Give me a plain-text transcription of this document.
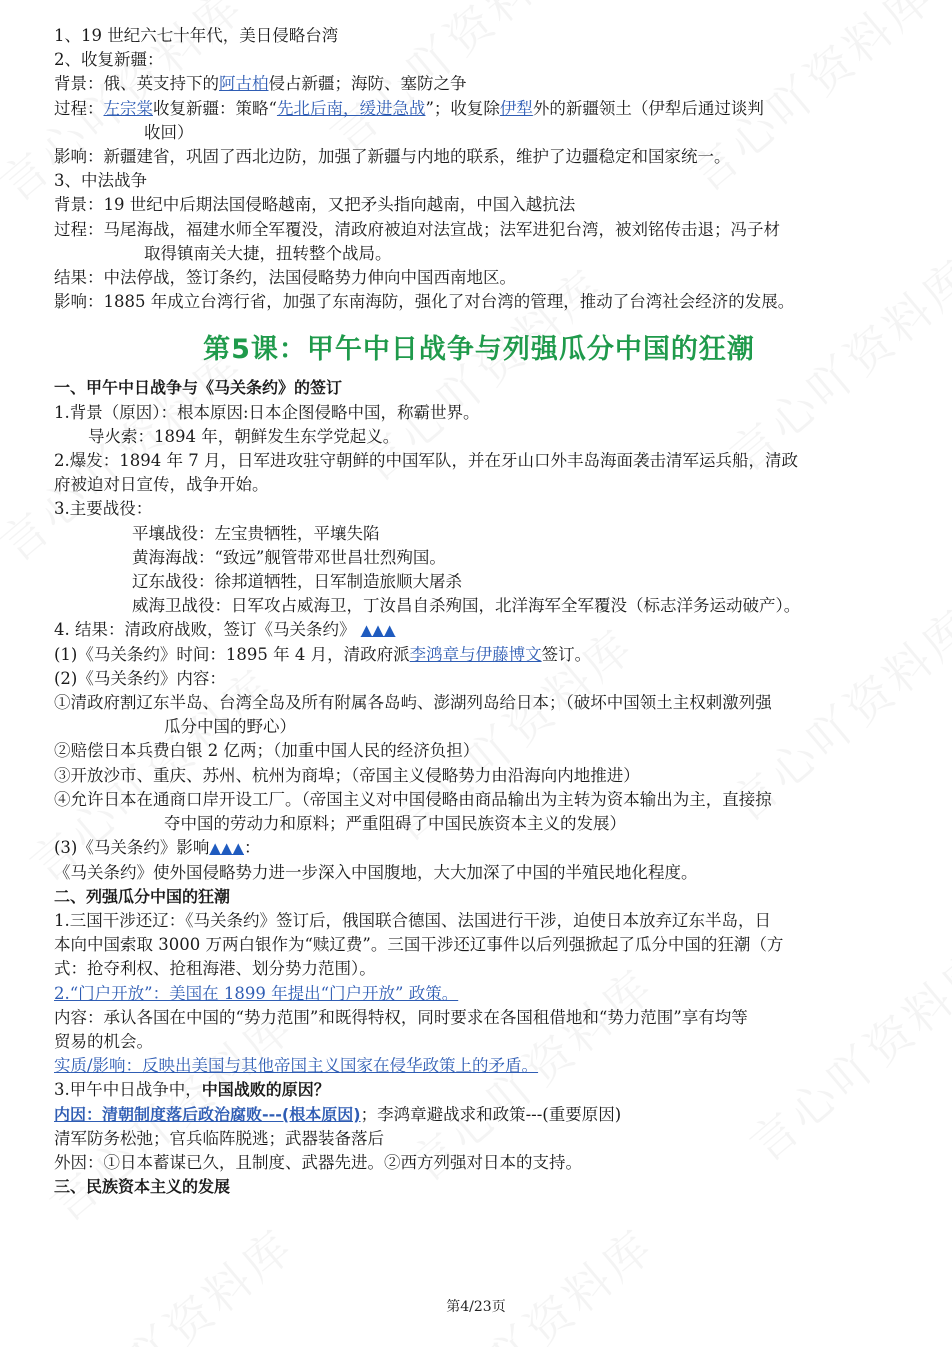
1、19 世纪六七十年代，美日侵略台湾
2、收复新疆：
背景：俄、英支持下的阿古柏侵占新疆；海防、塞防之争
过程：左宗棠收复新疆：策略“先北后南，缓进急战”；收复除伊犁外的新疆领土（伊犁后通过谈判
收回）
影响：新疆建省，巩固了西北边防，加强了新疆与内地的联系，维护了边疆稳定和国家统一。
3、中法战争
背景：19 世纪中后期法国侵略越南，又把矛头指向越南，中国入越抗法
过程：马尾海战，福建水师全军覆没，清政府被迫对法宣战；法军进犯台湾，被刘铭传击退；冯子材
取得镇南关大捷，扭转整个战局。
结果：中法停战，签订条约，法国侵略势力伸向中国西南地区。
影响：1885 年成立台湾行省，加强了东南海防，强化了对台湾的管理，推动了台湾社会经济的发展。
第5课：甲午中日战争与列强瓜分中国的狂潮
一、甲午中日战争与《马关条约》的签订
1.背景（原因）：根本原因:日本企图侵略中国，称霸世界。
导火索：1894 年，朝鲜发生东学党起义。
2.爆发：1894 年 7 月，日军进攻驻守朝鲜的中国军队，并在牙山口外丰岛海面袭击清军运兵船，清政
府被迫对日宣传，战争开始。
3.主要战役：
平壤战役：左宝贵牺牲，平壤失陷
黄海海战：“致远”舰管带邓世昌壮烈殉国。
辽东战役：徐邦道牺牲，日军制造旅顺大屠杀
威海卫战役：日军攻占威海卫，丁汝昌自杀殉国，北洋海军全军覆没（标志洋务运动破产）。
4. 结果：清政府战败，签订《马关条约》 ▲▲▲
(1)《马关条约》时间：1895 年 4 月，清政府派李鸿章与伊藤博文签订。
(2)《马关条约》内容：
①清政府割辽东半岛、台湾全岛及所有附属各岛屿、澎湖列岛给日本；（破坏中国领土主权刺激列强
瓜分中国的野心）
②赔偿日本兵费白银 2 亿两；（加重中国人民的经济负担）
③开放沙市、重庆、苏州、杭州为商埠；（帝国主义侵略势力由沿海向内地推进）
④允许日本在通商口岸开设工厂。（帝国主义对中国侵略由商品输出为主转为资本输出为主，直接掠
夺中国的劳动力和原料；严重阻碍了中国民族资本主义的发展）
(3)《马关条约》影响▲▲▲：
《马关条约》使外国侵略势力进一步深入中国腹地，大大加深了中国的半殖民地化程度。
二、列强瓜分中国的狂潮
1.三国干涉还辽：《马关条约》签订后，俄国联合德国、法国进行干涉，迫使日本放弃辽东半岛，日
本向中国索取 3000 万两白银作为“赎辽费”。三国干涉还辽事件以后列强掀起了瓜分中国的狂潮（方
式：抢夺利权、抢租海港、划分势力范围）。
2.“门户开放”：美国在 1899 年提出“门户开放” 政策。
内容：承认各国在中国的“势力范围”和既得特权，同时要求在各国租借地和“势力范围”享有均等
贸易的机会。
实质/影响：反映出美国与其他帝国主义国家在侵华政策上的矛盾。
3.甲午中日战争中，中国战败的原因？
内因：清朝制度落后政治腐败---(根本原因)；李鸿章避战求和政策---(重要原因)
清军防务松弛；官兵临阵脱逃；武器装备落后
外因：①日本蓄谋已久，且制度、武器先进。②西方列强对日本的支持。
三、民族资本主义的发展
第4/23页
